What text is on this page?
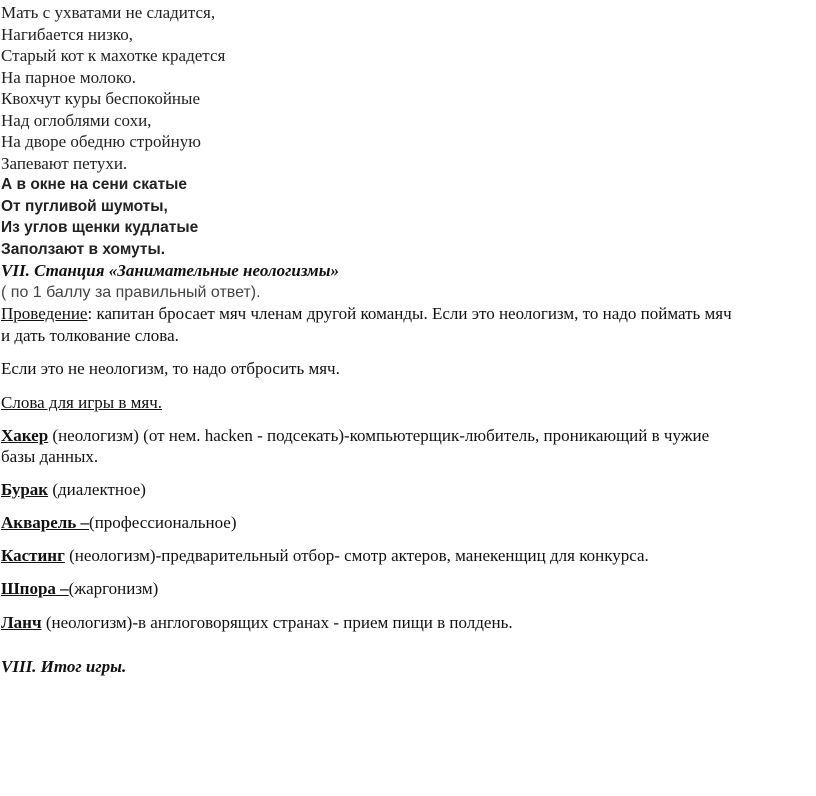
Мать с ухватами не сладится,
Нагибается низко,
Старый кот к махотке крадется
На парное молоко.
Квохчут куры беспокойные
Над оглоблями сохи,
На дворе обедню стройную
Запевают петухи.
А в окне на сени скатые
От пугливой шумоты,
Из углов щенки кудлатые
Заползают в хомуты.
VII. Станция «Занимательные неологизмы»
( по 1 баллу за правильный ответ).
Проведение: капитан бросает мяч членам другой команды. Если это неологизм, то надо поймать мяч
и дать толкование слова.
Если это не неологизм, то надо отбросить мяч.
Слова для игры в мяч.
Хакер (неологизм) (от нем. hacken - подсекать)-компьютерщик-любитель, проникающий в чужие
базы данных.
Бурак (диалектное)
Акварель –(профессиональное)
Кастинг (неологизм)-предварительный отбор- смотр актеров, манекенщиц для конкурса.
Шпора –(жаргонизм)
Ланч (неологизм)-в англоговорящих странах - прием пищи в полдень.
VIII. Итог игры.
